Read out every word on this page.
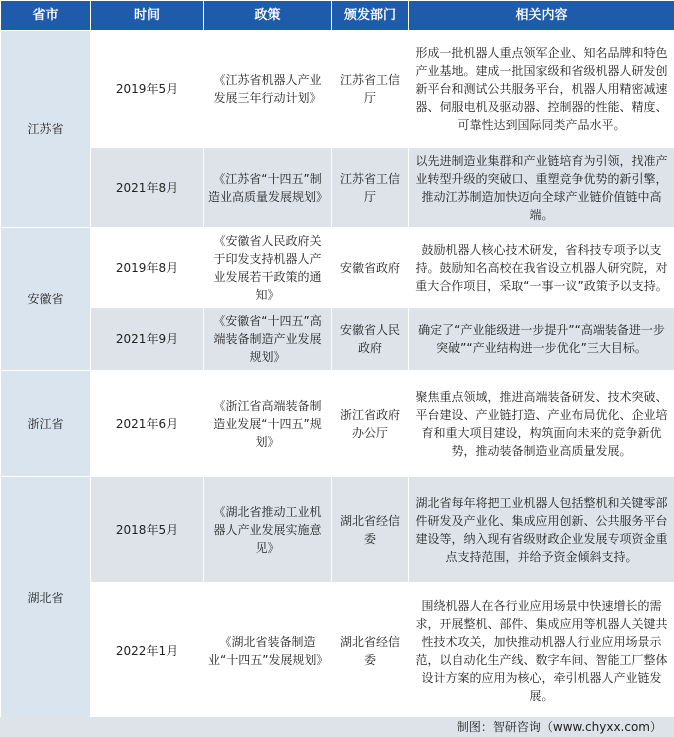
省市	时间	政策	颁发部门	相关内容
江苏省	2019年5月	《江苏省机器人产业发展三年行动计划》	江苏省工信厅	形成一批机器人重点领军企业、知名品牌和特色产业基地。建成一批国家级和省级机器人研发创新平台和测试公共服务平台，机器人用精密减速器、伺服电机及驱动器、控制器的性能、精度、可靠性达到国际同类产品水平。
	2021年8月	《江苏省“十四五”制造业高质量发展规划》	江苏省工信厅	以先进制造业集群和产业链培育为引领，找准产业转型升级的突破口、重塑竞争优势的新引擎，推动江苏制造加快迈向全球产业链价值链中高端。
安徽省	2019年8月	《安徽省人民政府关于印发支持机器人产业发展若干政策的通知》	安徽省政府	鼓励机器人核心技术研发，省科技专项予以支持。鼓励知名高校在我省设立机器人研究院，对重大合作项目，采取“一事一议”政策予以支持。
	2021年9月	《安徽省“十四五”高端装备制造产业发展规划》	安徽省人民政府	确定了“产业能级进一步提升”“高端装备进一步突破”“产业结构进一步优化”三大目标。
浙江省	2021年6月	《浙江省高端装备制造业发展“十四五”规划》	浙江省政府办公厅	聚焦重点领域，推进高端装备研发、技术突破、平台建设、产业链打造、产业布局优化、企业培育和重大项目建设，构筑面向未来的竞争新优势，推动装备制造业高质量发展。
湖北省	2018年5月	《湖北省推动工业机器人产业发展实施意见》	湖北省经信委	湖北省每年将把工业机器人包括整机和关键零部件研发及产业化、集成应用创新、公共服务平台建设等，纳入现有省级财政企业发展专项资金重点支持范围，并给予资金倾斜支持。
	2022年1月	《湖北省装备制造业“十四五”发展规划》	湖北省经信委	围绕机器人在各行业应用场景中快速增长的需求，开展整机、部件、集成应用等机器人关键共性技术攻关，加快推动机器人行业应用场景示范，以自动化生产线、数字车间、智能工厂整体设计方案的应用为核心，牵引机器人产业链发展。
制图：智研咨询（www.chyxx.com）
